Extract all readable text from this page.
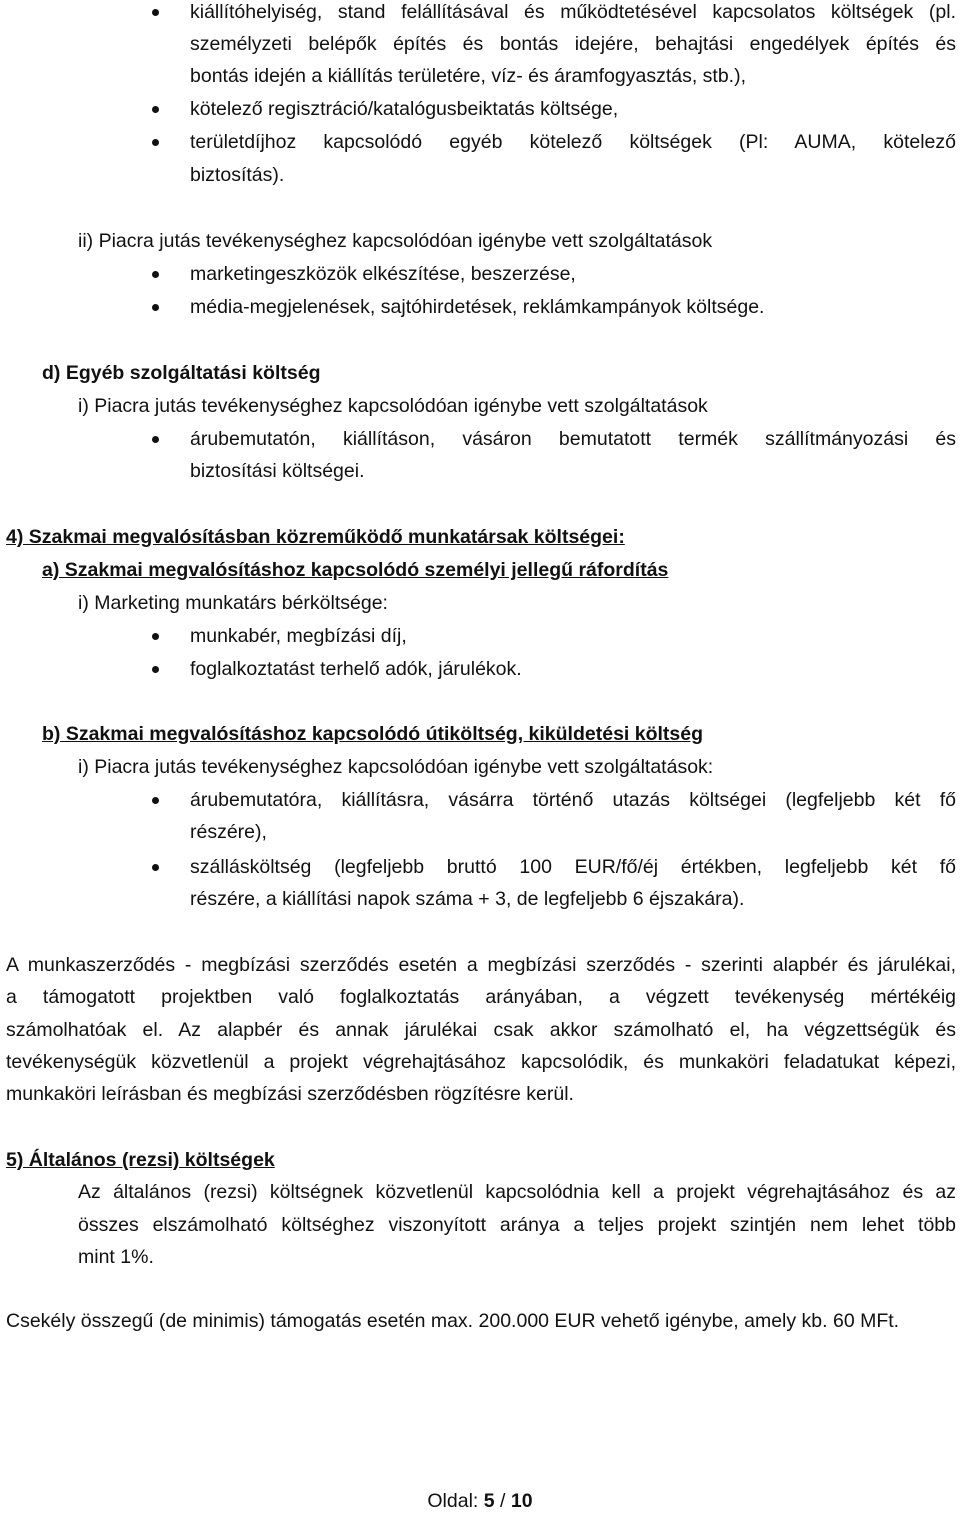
kiállítóhelyiség, stand felállításával és működtetésével kapcsolatos költségek (pl.
személyzeti belépők építés és bontás idejére, behajtási engedélyek építés és
bontás idején a kiállítás területére, víz- és áramfogyasztás, stb.),
kötelező regisztráció/katalógusbeiktatás költsége,
területdíjhoz kapcsolódó egyéb kötelező költségek (Pl: AUMA, kötelező
biztosítás).
ii) Piacra jutás tevékenységhez kapcsolódóan igénybe vett szolgáltatások
marketingeszközök elkészítése, beszerzése,
média-megjelenések, sajtóhirdetések, reklámkampányok költsége.
d) Egyéb szolgáltatási költség
i) Piacra jutás tevékenységhez kapcsolódóan igénybe vett szolgáltatások
árubemutatón, kiállításon, vásáron bemutatott termék szállítmányozási és
biztosítási költségei.
4) Szakmai megvalósításban közreműködő munkatársak költségei:
a) Szakmai megvalósításhoz kapcsolódó személyi jellegű ráfordítás
i) Marketing munkatárs bérköltsége:
munkabér, megbízási díj,
foglalkoztatást terhelő adók, járulékok.
b) Szakmai megvalósításhoz kapcsolódó útiköltség, kiküldetési költség
i) Piacra jutás tevékenységhez kapcsolódóan igénybe vett szolgáltatások:
árubemutatóra, kiállításra, vásárra történő utazás költségei (legfeljebb két fő
részére),
szállásköltség (legfeljebb bruttó 100 EUR/fő/éj értékben, legfeljebb két fő
részére, a kiállítási napok száma + 3, de legfeljebb 6 éjszakára).
A munkaszerződés - megbízási szerződés esetén a megbízási szerződés - szerinti alapbér és járulékai,
a támogatott projektben való foglalkoztatás arányában, a végzett tevékenység mértékéig
számolhatóak el. Az alapbér és annak járulékai csak akkor számolható el, ha végzettségük és
tevékenységük közvetlenül a projekt végrehajtásához kapcsolódik, és munkaköri feladatukat képezi,
munkaköri leírásban és megbízási szerződésben rögzítésre kerül.
5) Általános (rezsi) költségek
Az általános (rezsi) költségnek közvetlenül kapcsolódnia kell a projekt végrehajtásához és az
összes elszámolható költséghez viszonyított aránya a teljes projekt szintjén nem lehet több
mint 1%.
Csekély összegű (de minimis) támogatás esetén max. 200.000 EUR vehető igénybe, amely kb. 60 MFt.
Oldal: 5 / 10
